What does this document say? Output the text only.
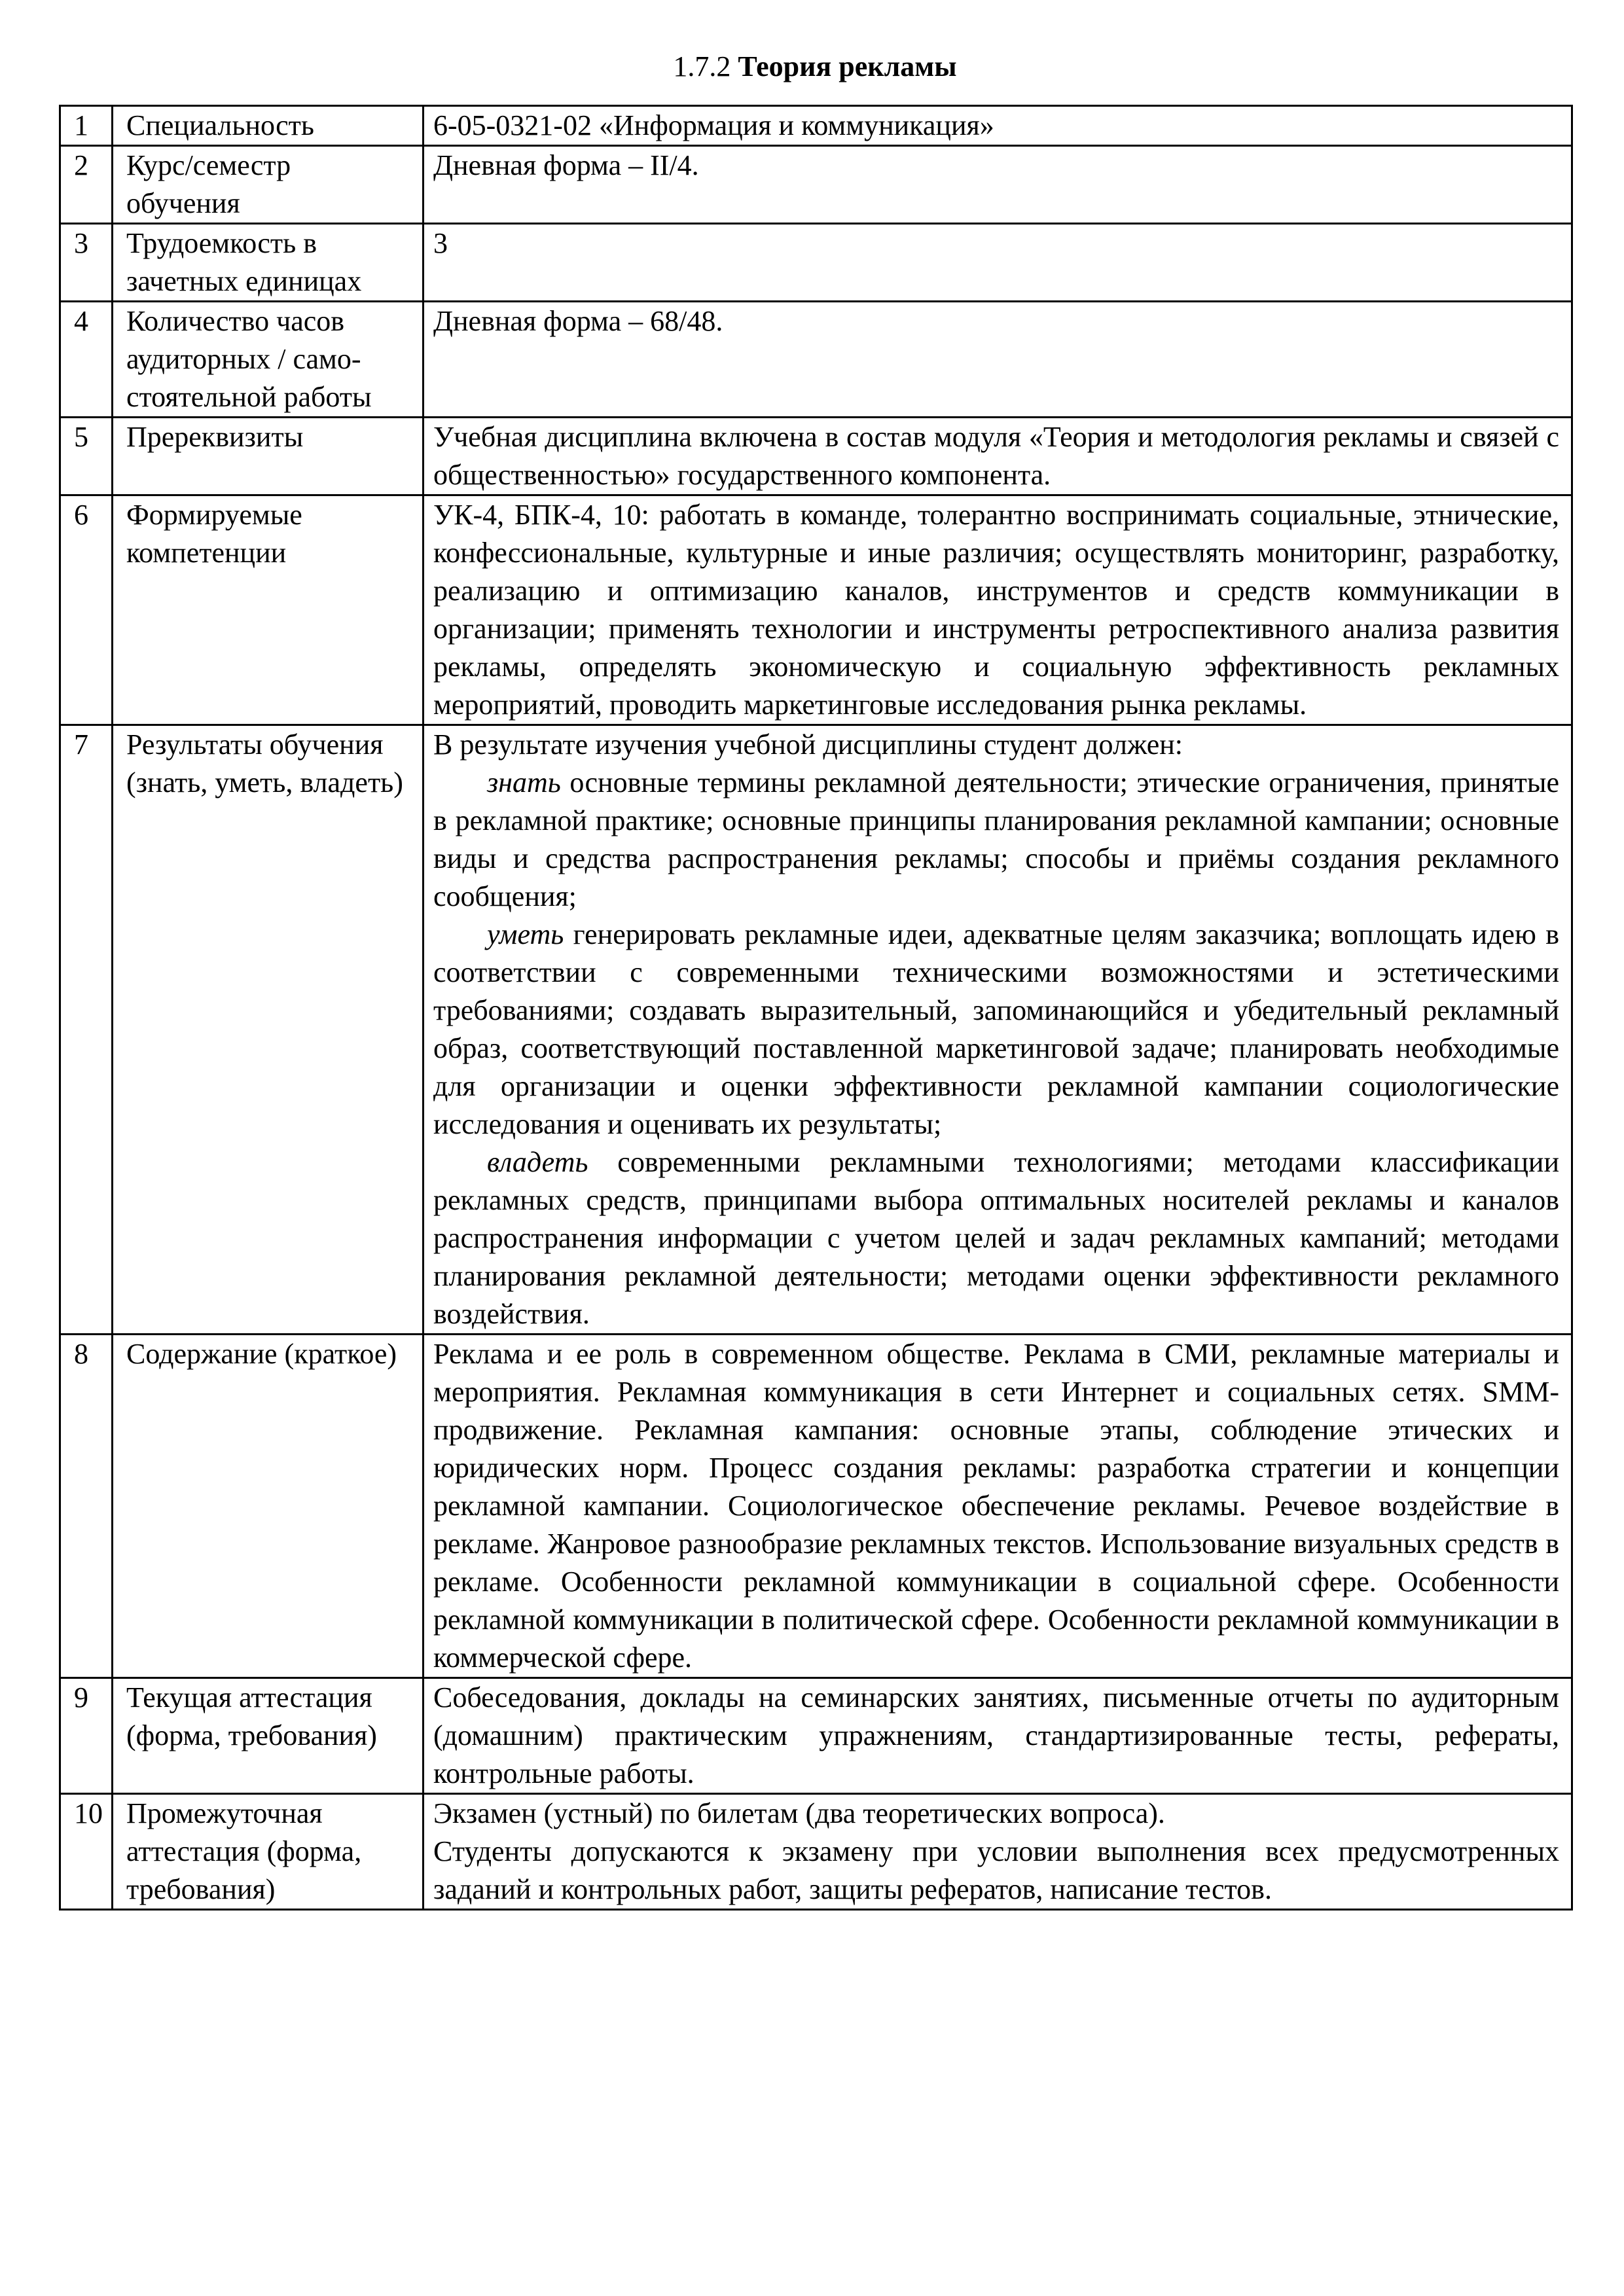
1.7.2 Теория рекламы

1	Специальность	6-05-0321-02 «Информация и коммуникация»

2	Курс/семестр обучения	Дневная форма – II/4.

3	Трудоемкость в зачетных единицах	3

4	Количество часов аудиторных / само-стоятельной работы	Дневная форма – 68/48.

5	Пререквизиты	Учебная дисциплина включена в состав модуля «Теория и методология рекламы и связей с общественностью» государственного компонента.

6	Формируемые компетенции	УК-4, БПК-4, 10: работать в команде, толерантно воспринимать социальные, этнические, конфессиональные, культурные и иные различия; осуществлять мониторинг, разработку, реализацию и оптимизацию каналов, инструментов и средств коммуникации в организации; применять технологии и инструменты ретроспективного анализа развития рекламы, определять экономическую и социальную эффективность рекламных мероприятий, проводить маркетинговые исследования рынка рекламы.

7	Результаты обучения (знать, уметь, владеть)	В результате изучения учебной дисциплины студент должен:

знать основные термины рекламной деятельности; этические ограничения, принятые в рекламной практике; основные принципы планирования рекламной кампании; основные виды и средства распространения рекламы; способы и приёмы создания рекламного сообщения;

уметь генерировать рекламные идеи, адекватные целям заказчика; воплощать идею в соответствии с современными техническими возможностями и эстетическими требованиями; создавать выразительный, запоминающийся и убедительный рекламный образ, соответствующий поставленной маркетинговой задаче; планировать необходимые для организации и оценки эффективности рекламной кампании социологические исследования и оценивать их результаты;

владеть современными рекламными технологиями; методами классификации рекламных средств, принципами выбора оптимальных носителей рекламы и каналов распространения информации с учетом целей и задач рекламных кампаний; методами планирования рекламной деятельности; методами оценки эффективности рекламного воздействия.

8	Содержание (краткое)	Реклама и ее роль в современном обществе. Реклама в СМИ, рекламные материалы и мероприятия. Рекламная коммуникация в сети Интернет и социальных сетях. SMM-продвижение. Рекламная кампания: основные этапы, соблюдение этических и юридических норм. Процесс создания рекламы: разработка стратегии и концепции рекламной кампании. Социологическое обеспечение рекламы. Речевое воздействие в рекламе. Жанровое разнообразие рекламных текстов. Использование визуальных средств в рекламе. Особенности рекламной коммуникации в социальной сфере. Особенности рекламной коммуникации в политической сфере. Особенности рекламной коммуникации в коммерческой сфере.

9	Текущая аттестация (форма, требования)	Собеседования, доклады на семинарских занятиях, письменные отчеты по аудиторным (домашним) практическим упражнениям, стандартизированные тесты, рефераты, контрольные работы.

10	Промежуточная аттестация (форма, требования)	Экзамен (устный) по билетам (два теоретических вопроса).

Студенты допускаются к экзамену при условии выполнения всех предусмотренных заданий и контрольных работ, защиты рефератов, написание тестов.
